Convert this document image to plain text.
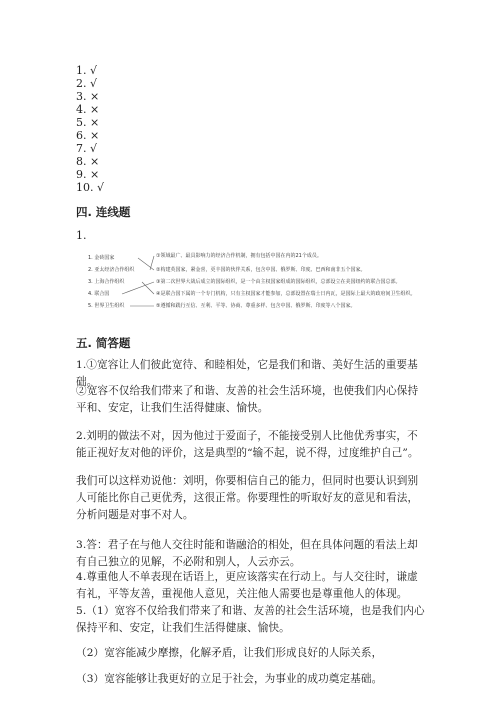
1. √
2. √
3. ×
4. ×
5. ×
6. ×
7. √
8. ×
9. ×
10. √
四. 连线题
1.
1. 金砖国家
2. 亚太经济合作组织
3. 上海合作组织
4. 联合国
5. 世界卫生组织
①领域最广、最具影响力的经济合作机制，拥有包括中国在内的21个成员。
②构建英国家，紧金喜，更丰国的伙伴关系，包含中国、俄罗斯、印度、巴西和南非五个国家。
③第二次世界大战后成立的国际组织，是一个由主权国家组成的国际组织，总部设立在美国纽约的联合国总部。
④是联合国下属的一个专门机构，只有主权国家才能参加，总部设置在瑞士日内瓦，是国际上最大的政府间卫生组织。
⑤遵循和践行互信、互利、平等、协商、尊重多样、包含中国、俄罗斯、印度等八个国家。
五. 简答题
1.①宽容让人们彼此宽待、和睦相处，它是我们和谐、美好生活的重要基础。
②宽容不仅给我们带来了和谐、友善的社会生活环境，也使我们内心保持平和、安定，让我们生活得健康、愉快。
2.刘明的做法不对，因为他过于爱面子，不能接受别人比他优秀事实，不能正视好友对他的评价，这是典型的“输不起，说不得，过度维护自己”。
我们可以这样劝说他：刘明，你要相信自己的能力，但同时也要认识到别人可能比你自己更优秀，这很正常。你要理性的听取好友的意见和看法，分析问题是对事不对人。
3.答：君子在与他人交往时能和谐融洽的相处，但在具体问题的看法上却有自己独立的见解，不必附和别人，人云亦云。
4.尊重他人不单表现在话语上，更应该落实在行动上。与人交往时，谦虚有礼，平等友善，重视他人意见，关注他人需要也是尊重他人的体现。
5.（1）宽容不仅给我们带来了和谐、友善的社会生活环境，也是我们内心保持平和、安定，让我们生活得健康、愉快。
（2）宽容能减少摩擦，化解矛盾，让我们形成良好的人际关系，
（3）宽容能够让我更好的立足于社会，为事业的成功奠定基础。
